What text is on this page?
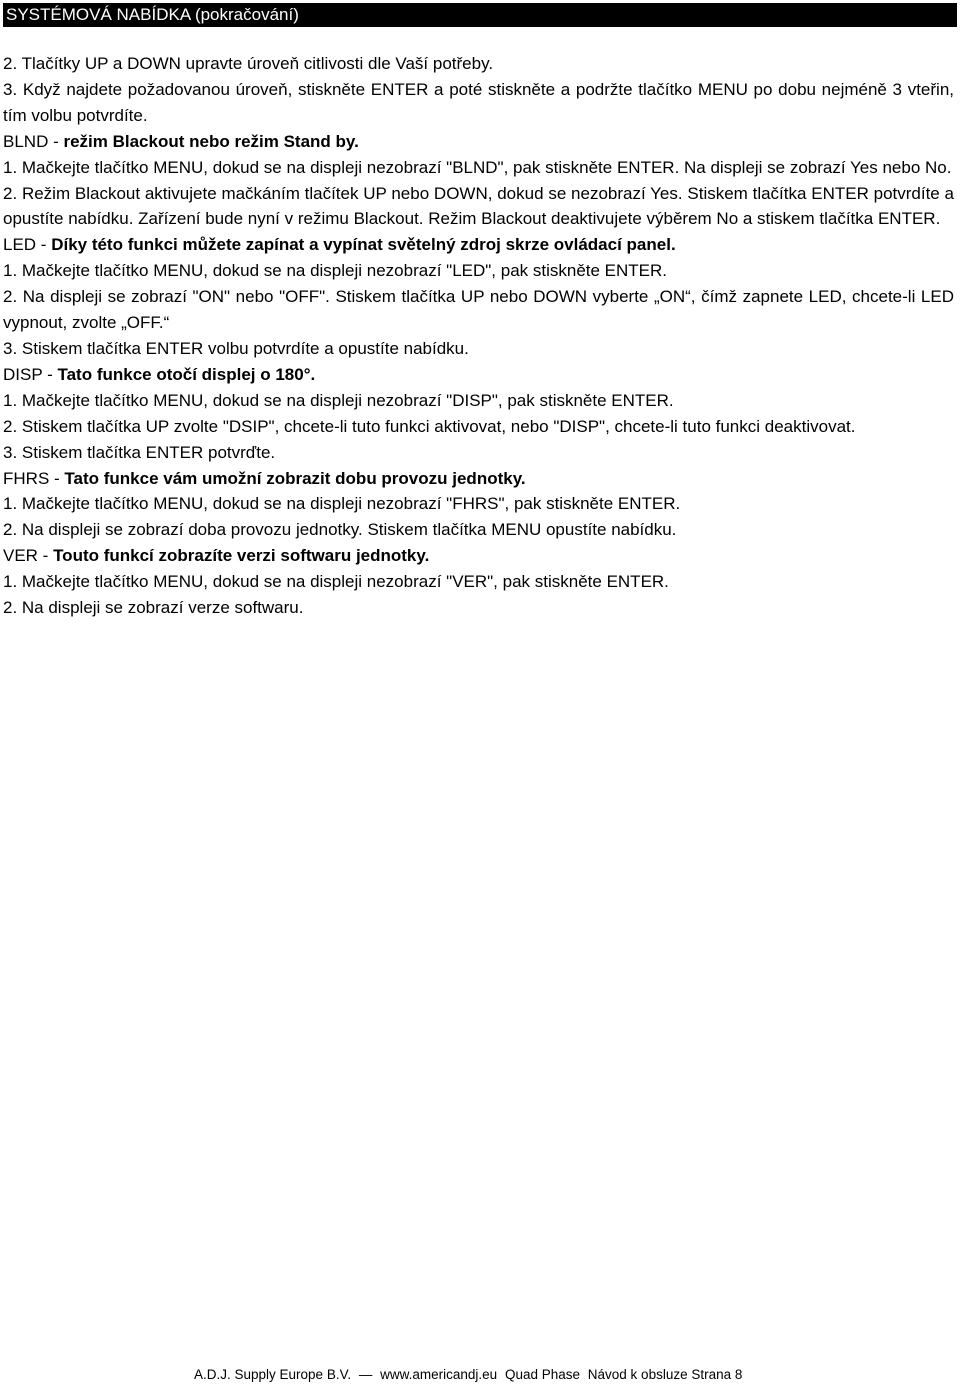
SYSTÉMOVÁ NABÍDKA (pokračování)

2. Tlačítky UP a DOWN upravte úroveň citlivosti dle Vaší potřeby.

3. Když najdete požadovanou úroveň, stiskněte ENTER a poté stiskněte a podržte tlačítko MENU po dobu nejméně 3 vteřin, tím volbu potvrdíte.

BLND - režim Blackout nebo režim Stand by.

1. Mačkejte tlačítko MENU, dokud se na displeji nezobrazí "BLND", pak stiskněte ENTER. Na displeji se zobrazí Yes nebo No.

2. Režim Blackout aktivujete mačkáním tlačítek UP nebo DOWN, dokud se nezobrazí Yes. Stiskem tlačítka ENTER potvrdíte a opustíte nabídku. Zařízení bude nyní v režimu Blackout. Režim Blackout deaktivujete výběrem No a stiskem tlačítka ENTER.

LED - Díky této funkci můžete zapínat a vypínat světelný zdroj skrze ovládací panel.

1. Mačkejte tlačítko MENU, dokud se na displeji nezobrazí "LED", pak stiskněte ENTER.

2. Na displeji se zobrazí "ON" nebo "OFF". Stiskem tlačítka UP nebo DOWN vyberte „ON“, čímž zapnete LED, chcete-li LED vypnout, zvolte „OFF.“

3. Stiskem tlačítka ENTER volbu potvrdíte a opustíte nabídku.

DISP - Tato funkce otočí displej o 180°.

1. Mačkejte tlačítko MENU, dokud se na displeji nezobrazí "DISP", pak stiskněte ENTER.

2. Stiskem tlačítka UP zvolte "DSIP", chcete-li tuto funkci aktivovat, nebo "DISP", chcete-li tuto funkci deaktivovat.

3. Stiskem tlačítka ENTER potvrďte.

FHRS - Tato funkce vám umožní zobrazit dobu provozu jednotky.

1. Mačkejte tlačítko MENU, dokud se na displeji nezobrazí "FHRS", pak stiskněte ENTER.

2. Na displeji se zobrazí doba provozu jednotky. Stiskem tlačítka MENU opustíte nabídku.

VER - Touto funkcí zobrazíte verzi softwaru jednotky.

1. Mačkejte tlačítko MENU, dokud se na displeji nezobrazí "VER", pak stiskněte ENTER.

2. Na displeji se zobrazí verze softwaru.

A.D.J. Supply Europe B.V. — www.americandj.eu Quad Phase Návod k obsluze Strana 8
